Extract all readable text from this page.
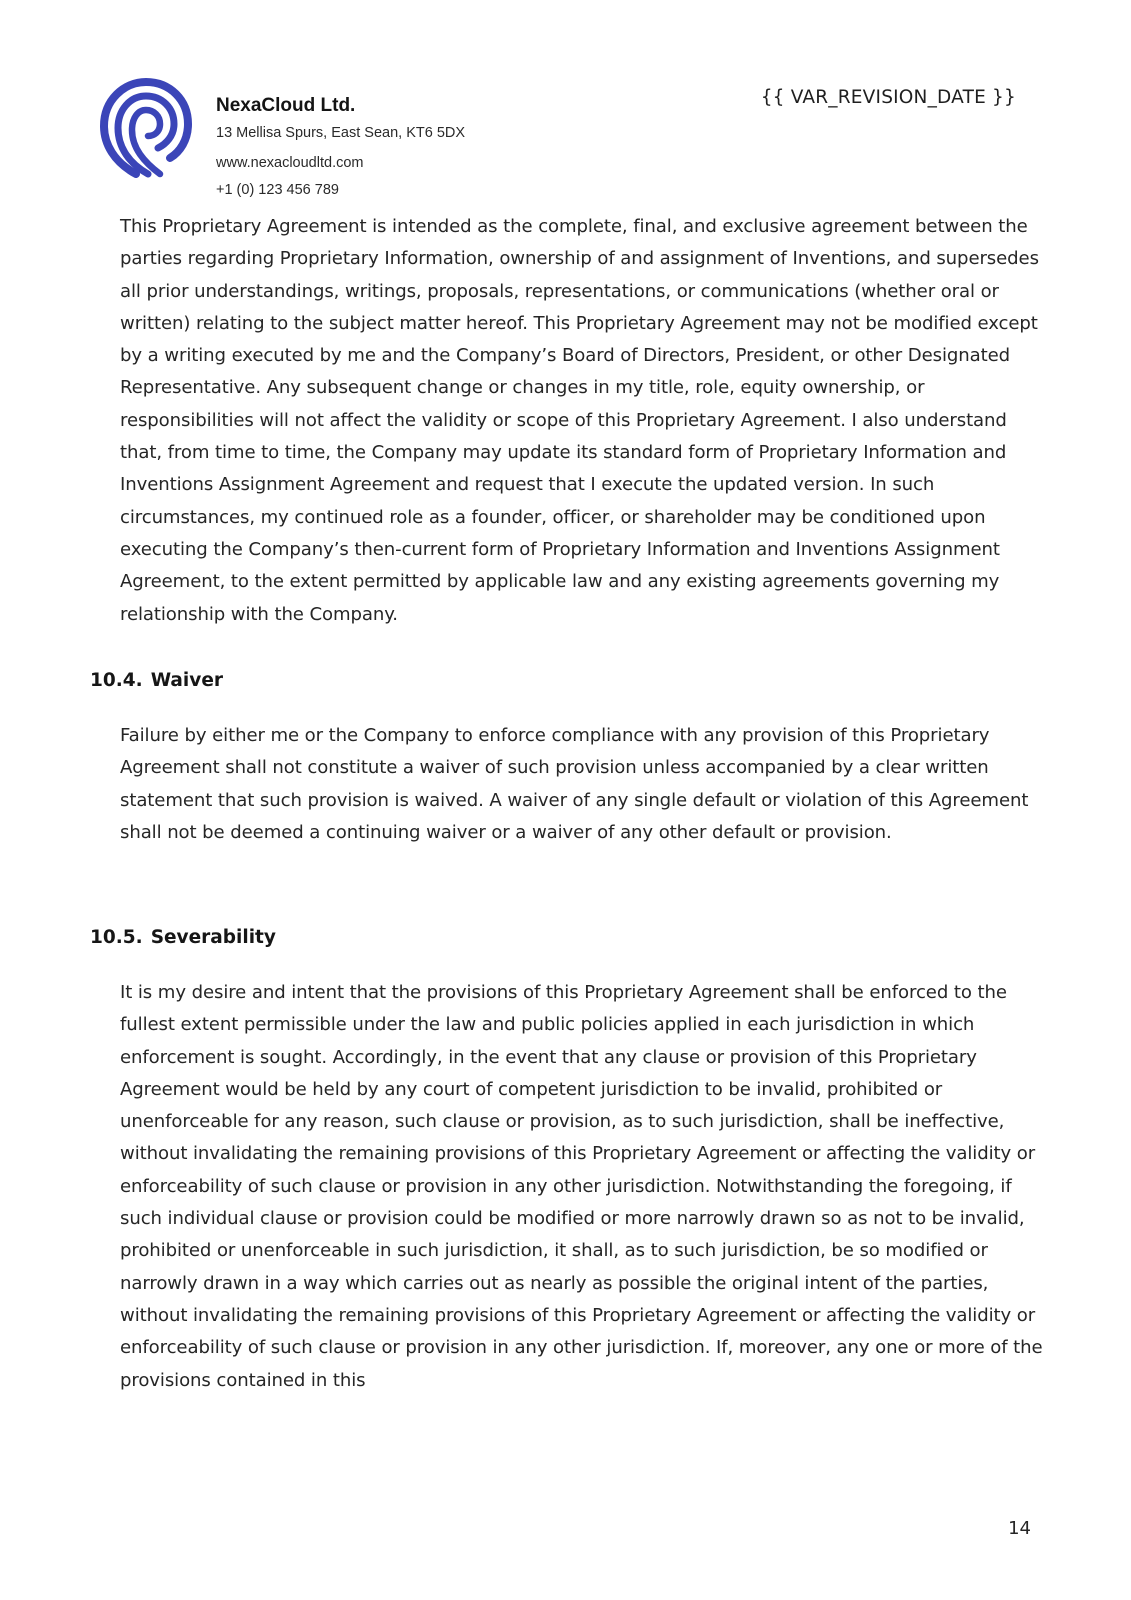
NexaCloud Ltd.

13 Mellisa Spurs, East Sean, KT6 5DX

www.nexacloudltd.com

+1 (0) 123 456 789

{{ VAR_REVISION_DATE }}

This Proprietary Agreement is intended as the complete, final, and exclusive agreement between the parties regarding Proprietary Information, ownership of and assignment of Inventions, and supersedes all prior understandings, writings, proposals, representations, or communications (whether oral or written) relating to the subject matter hereof. This Proprietary Agreement may not be modified except by a writing executed by me and the Company’s Board of Directors, President, or other Designated Representative. Any subsequent change or changes in my title, role, equity ownership, or responsibilities will not affect the validity or scope of this Proprietary Agreement. I also understand that, from time to time, the Company may update its standard form of Proprietary Information and Inventions Assignment Agreement and request that I execute the updated version. In such circumstances, my continued role as a founder, officer, or shareholder may be conditioned upon executing the Company’s then-current form of Proprietary Information and Inventions Assignment Agreement, to the extent permitted by applicable law and any existing agreements governing my relationship with the Company.

10.4. Waiver

Failure by either me or the Company to enforce compliance with any provision of this Proprietary Agreement shall not constitute a waiver of such provision unless accompanied by a clear written statement that such provision is waived. A waiver of any single default or violation of this Agreement shall not be deemed a continuing waiver or a waiver of any other default or provision.

10.5. Severability

It is my desire and intent that the provisions of this Proprietary Agreement shall be enforced to the fullest extent permissible under the law and public policies applied in each jurisdiction in which enforcement is sought. Accordingly, in the event that any clause or provision of this Proprietary Agreement would be held by any court of competent jurisdiction to be invalid, prohibited or unenforceable for any reason, such clause or provision, as to such jurisdiction, shall be ineffective, without invalidating the remaining provisions of this Proprietary Agreement or affecting the validity or enforceability of such clause or provision in any other jurisdiction. Notwithstanding the foregoing, if such individual clause or provision could be modified or more narrowly drawn so as not to be invalid, prohibited or unenforceable in such jurisdiction, it shall, as to such jurisdiction, be so modified or narrowly drawn in a way which carries out as nearly as possible the original intent of the parties, without invalidating the remaining provisions of this Proprietary Agreement or affecting the validity or enforceability of such clause or provision in any other jurisdiction. If, moreover, any one or more of the provisions contained in this

14
